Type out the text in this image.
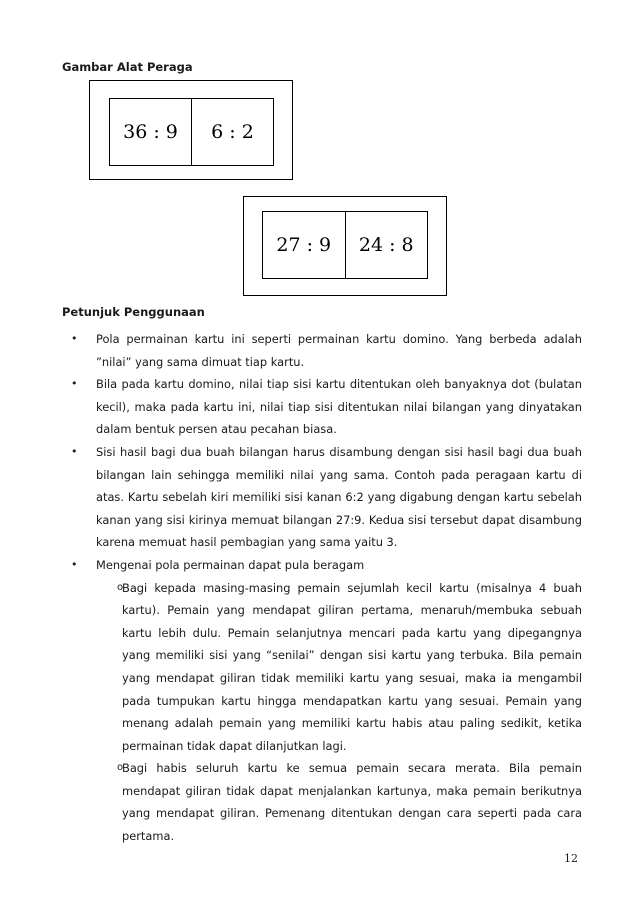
Gambar Alat Peraga
36 : 9	6 : 2
27 : 9	24 : 8
Petunjuk Penggunaan
• Pola permainan kartu ini seperti permainan kartu domino. Yang berbeda adalah ”nilai” yang sama dimuat tiap kartu.
• Bila pada kartu domino, nilai tiap sisi kartu ditentukan oleh banyaknya dot (bulatan kecil), maka pada kartu ini, nilai tiap sisi ditentukan nilai bilangan yang dinyatakan dalam bentuk persen atau pecahan biasa.
• Sisi hasil bagi dua buah bilangan harus disambung dengan sisi hasil bagi dua buah bilangan lain sehingga memiliki nilai yang sama. Contoh pada peragaan kartu di atas. Kartu sebelah kiri memiliki sisi kanan 6:2 yang digabung dengan kartu sebelah kanan yang sisi kirinya memuat bilangan 27:9. Kedua sisi tersebut dapat disambung karena memuat hasil pembagian yang sama yaitu 3.
• Mengenai pola permainan dapat pula beragam
o
Bagi kepada masing-masing pemain sejumlah kecil kartu (misalnya 4 buah kartu). Pemain yang mendapat giliran pertama, menaruh/membuka sebuah kartu lebih dulu. Pemain selanjutnya mencari pada kartu yang dipegangnya yang memiliki sisi yang “senilai” dengan sisi kartu yang terbuka. Bila pemain yang mendapat giliran tidak memiliki kartu yang sesuai, maka ia mengambil pada tumpukan kartu hingga mendapatkan kartu yang sesuai. Pemain yang menang adalah pemain yang memiliki kartu habis atau paling sedikit, ketika permainan tidak dapat dilanjutkan lagi.
o
Bagi habis seluruh kartu ke semua pemain secara merata. Bila pemain mendapat giliran tidak dapat menjalankan kartunya, maka pemain berikutnya yang mendapat giliran. Pemenang ditentukan dengan cara seperti pada cara pertama.
12
